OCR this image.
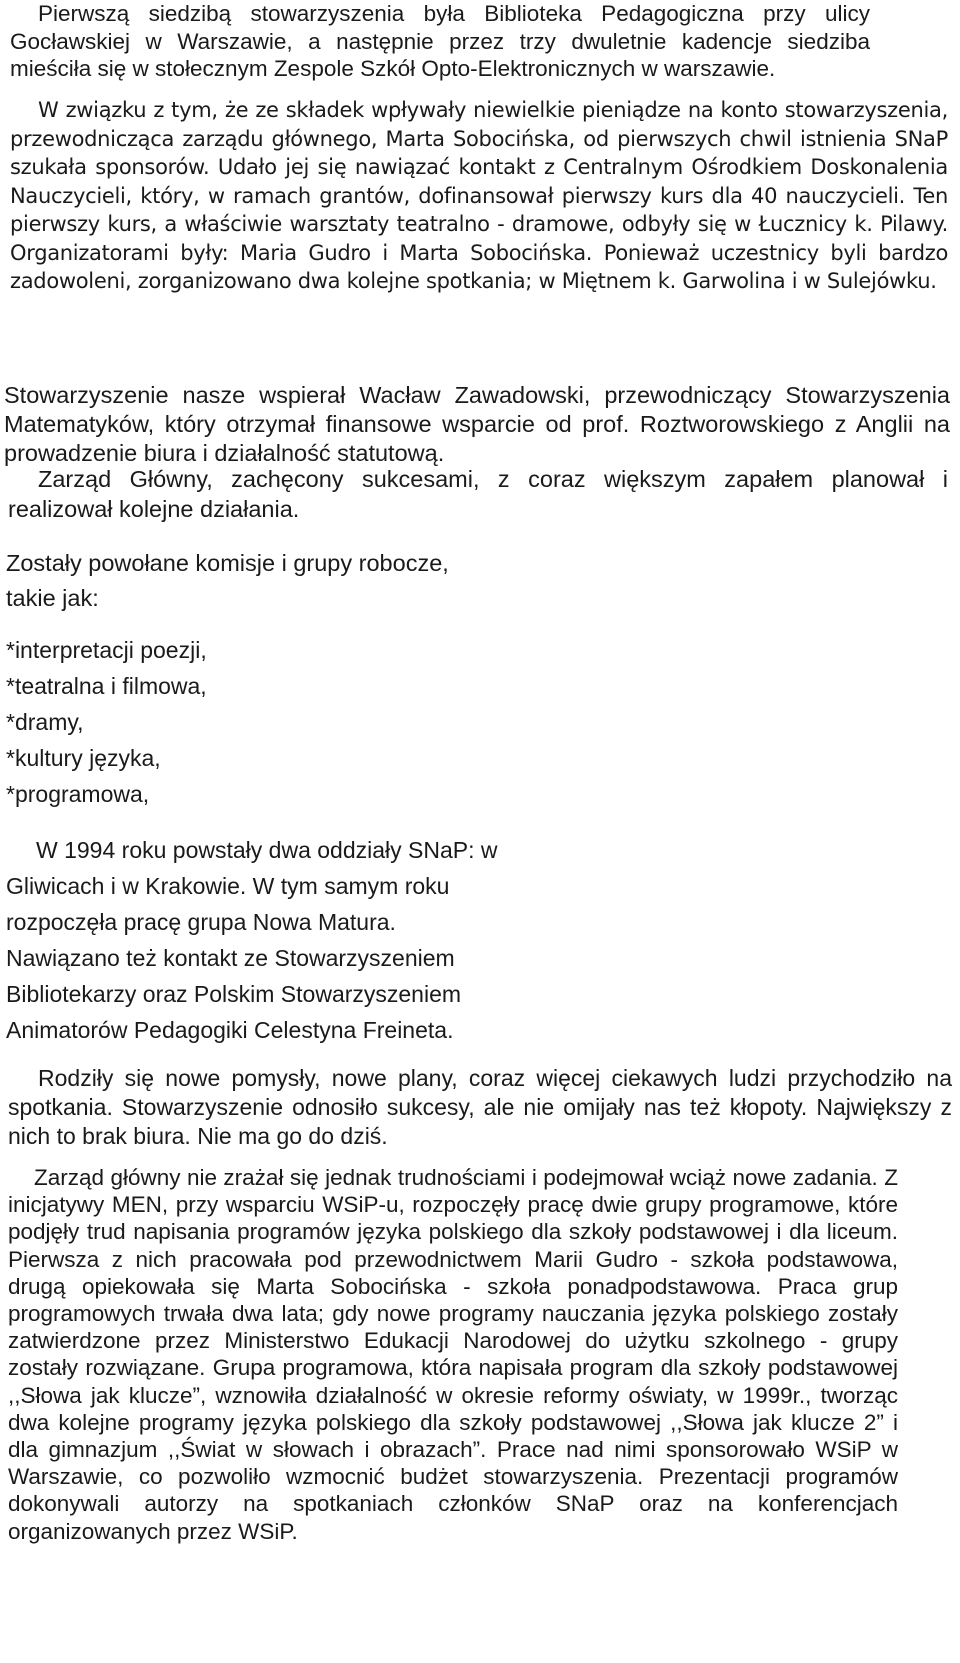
Pierwszą siedzibą stowarzyszenia była Biblioteka Pedagogiczna przy ulicy Gocławskiej w Warszawie, a następnie przez trzy dwuletnie kadencje siedziba mieściła się w stołecznym Zespole Szkół Opto-Elektronicznych w warszawie.

W związku z tym, że ze składek wpływały niewielkie pieniądze na konto stowarzyszenia, przewodnicząca zarządu głównego, Marta Sobocińska, od pierwszych chwil istnienia SNaP szukała sponsorów. Udało jej się nawiązać kontakt z Centralnym Ośrodkiem Doskonalenia Nauczycieli, który, w ramach grantów, dofinansował pierwszy kurs dla 40 nauczycieli. Ten pierwszy kurs, a właściwie warsztaty teatralno - dramowe, odbyły się w Łucznicy k. Pilawy. Organizatorami były: Maria Gudro i Marta Sobocińska. Ponieważ uczestnicy byli bardzo zadowoleni, zorganizowano dwa kolejne spotkania; w Miętnem k. Garwolina i w Sulejówku.

Stowarzyszenie nasze wspierał Wacław Zawadowski, przewodniczący Stowarzyszenia Matematyków, który otrzymał finansowe wsparcie od prof. Roztworowskiego z Anglii na prowadzenie biura i działalność statutową.

Zarząd Główny, zachęcony sukcesami, z coraz większym zapałem planował i realizował kolejne działania.

Zostały powołane komisje i grupy robocze,
takie jak:

*interpretacji poezji,

*teatralna i filmowa,

*dramy,

*kultury języka,

*programowa,

W 1994 roku powstały dwa oddziały SNaP: w
Gliwicach i w Krakowie. W tym samym roku
rozpoczęła pracę grupa Nowa Matura.
Nawiązano też kontakt ze Stowarzyszeniem
Bibliotekarzy oraz Polskim Stowarzyszeniem
Animatorów Pedagogiki Celestyna Freineta.

Rodziły się nowe pomysły, nowe plany, coraz więcej ciekawych ludzi przychodziło na spotkania. Stowarzyszenie odnosiło sukcesy, ale nie omijały nas też kłopoty. Największy z nich to brak biura. Nie ma go do dziś.

Zarząd główny nie zrażał się jednak trudnościami i podejmował wciąż nowe zadania. Z inicjatywy MEN, przy wsparciu WSiP-u, rozpoczęły pracę dwie grupy programowe, które podjęły trud napisania programów języka polskiego dla szkoły podstawowej i dla liceum. Pierwsza z nich pracowała pod przewodnictwem Marii Gudro - szkoła podstawowa, drugą opiekowała się Marta Sobocińska - szkoła ponadpodstawowa. Praca grup programowych trwała dwa lata; gdy nowe programy nauczania języka polskiego zostały zatwierdzone przez Ministerstwo Edukacji Narodowej do użytku szkolnego - grupy zostały rozwiązane. Grupa programowa, która napisała program dla szkoły podstawowej ,,Słowa jak klucze”, wznowiła działalność w okresie reformy oświaty, w 1999r., tworząc dwa kolejne programy języka polskiego dla szkoły podstawowej ,,Słowa jak klucze 2” i dla gimnazjum ,,Świat w słowach i obrazach”. Prace nad nimi sponsorowało WSiP w Warszawie, co pozwoliło wzmocnić budżet stowarzyszenia. Prezentacji programów dokonywali autorzy na spotkaniach członków SNaP oraz na konferencjach organizowanych przez WSiP.
